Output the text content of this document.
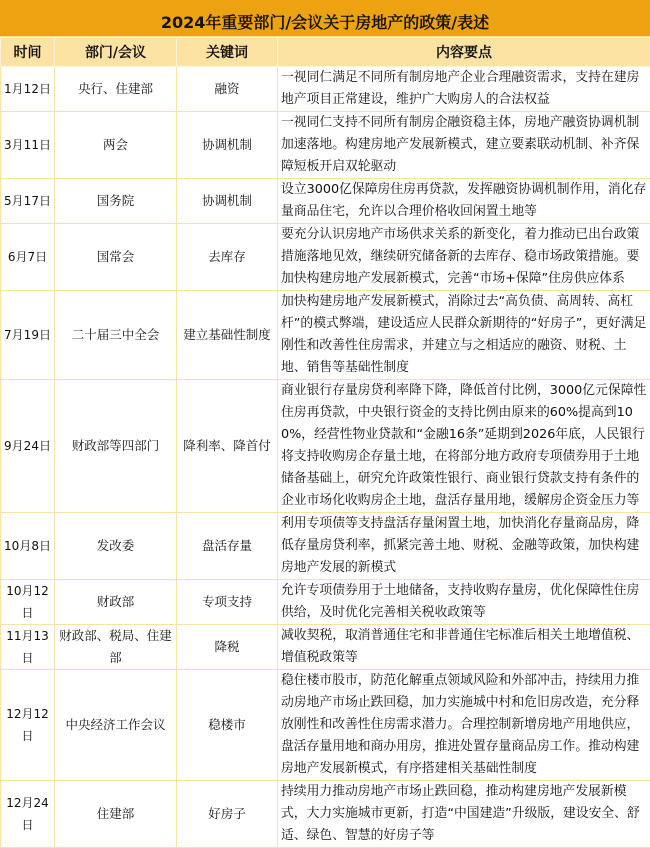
2024年重要部门/会议关于房地产的政策/表述
时间	部门/会议	关键词	内容要点
1月12日	央行、住建部	融资	一视同仁满足不同所有制房地产企业合理融资需求，支持在建房地产项目正常建设，维护广大购房人的合法权益
3月11日	两会	协调机制	一视同仁支持不同所有制房企融资稳主体，房地产融资协调机制加速落地。构建房地产发展新模式，建立要素联动机制、补齐保障短板开启双轮驱动
5月17日	国务院	协调机制	设立3000亿保障房住房再贷款，发挥融资协调机制作用，消化存量商品住宅，允许以合理价格收回闲置土地等
6月7日	国常会	去库存	要充分认识房地产市场供求关系的新变化，着力推动已出台政策措施落地见效，继续研究储备新的去库存、稳市场政策措施。要加快构建房地产发展新模式，完善“市场+保障”住房供应体系
7月19日	二十届三中全会	建立基础性制度	加快构建房地产发展新模式，消除过去“高负债、高周转、高杠杆”的模式弊端，建设适应人民群众新期待的“好房子”，更好满足刚性和改善性住房需求，并建立与之相适应的融资、财税、土地、销售等基础性制度
9月24日	财政部等四部门	降利率、降首付	商业银行存量房贷利率降下降，降低首付比例，3000亿元保障性住房再贷款，中央银行资金的支持比例由原来的60%提高到100%，经营性物业贷款和“金融16条”延期到2026年底，人民银行将支持收购房企存量土地，在将部分地方政府专项债券用于土地储备基础上，研究允许政策性银行、商业银行贷款支持有条件的企业市场化收购房企土地，盘活存量用地，缓解房企资金压力等
10月8日	发改委	盘活存量	利用专项债等支持盘活存量闲置土地，加快消化存量商品房，降低存量房贷利率，抓紧完善土地、财税、金融等政策，加快构建房地产发展的新模式
10月12日	财政部	专项支持	允许专项债券用于土地储备，支持收购存量房，优化保障性住房供给，及时优化完善相关税收政策等
11月13日	财政部、税局、住建部	降税	减收契税，取消普通住宅和非普通住宅标准后相关土地增值税、增值税政策等
12月12日	中央经济工作会议	稳楼市	稳住楼市股市，防范化解重点领域风险和外部冲击，持续用力推动房地产市场止跌回稳，加力实施城中村和危旧房改造，充分释放刚性和改善性住房需求潜力。合理控制新增房地产用地供应，盘活存量用地和商办用房，推进处置存量商品房工作。推动构建房地产发展新模式，有序搭建相关基础性制度
12月24日	住建部	好房子	持续用力推动房地产市场止跌回稳，推动构建房地产发展新模式，大力实施城市更新，打造“中国建造”升级版，建设安全、舒适、绿色、智慧的好房子等
